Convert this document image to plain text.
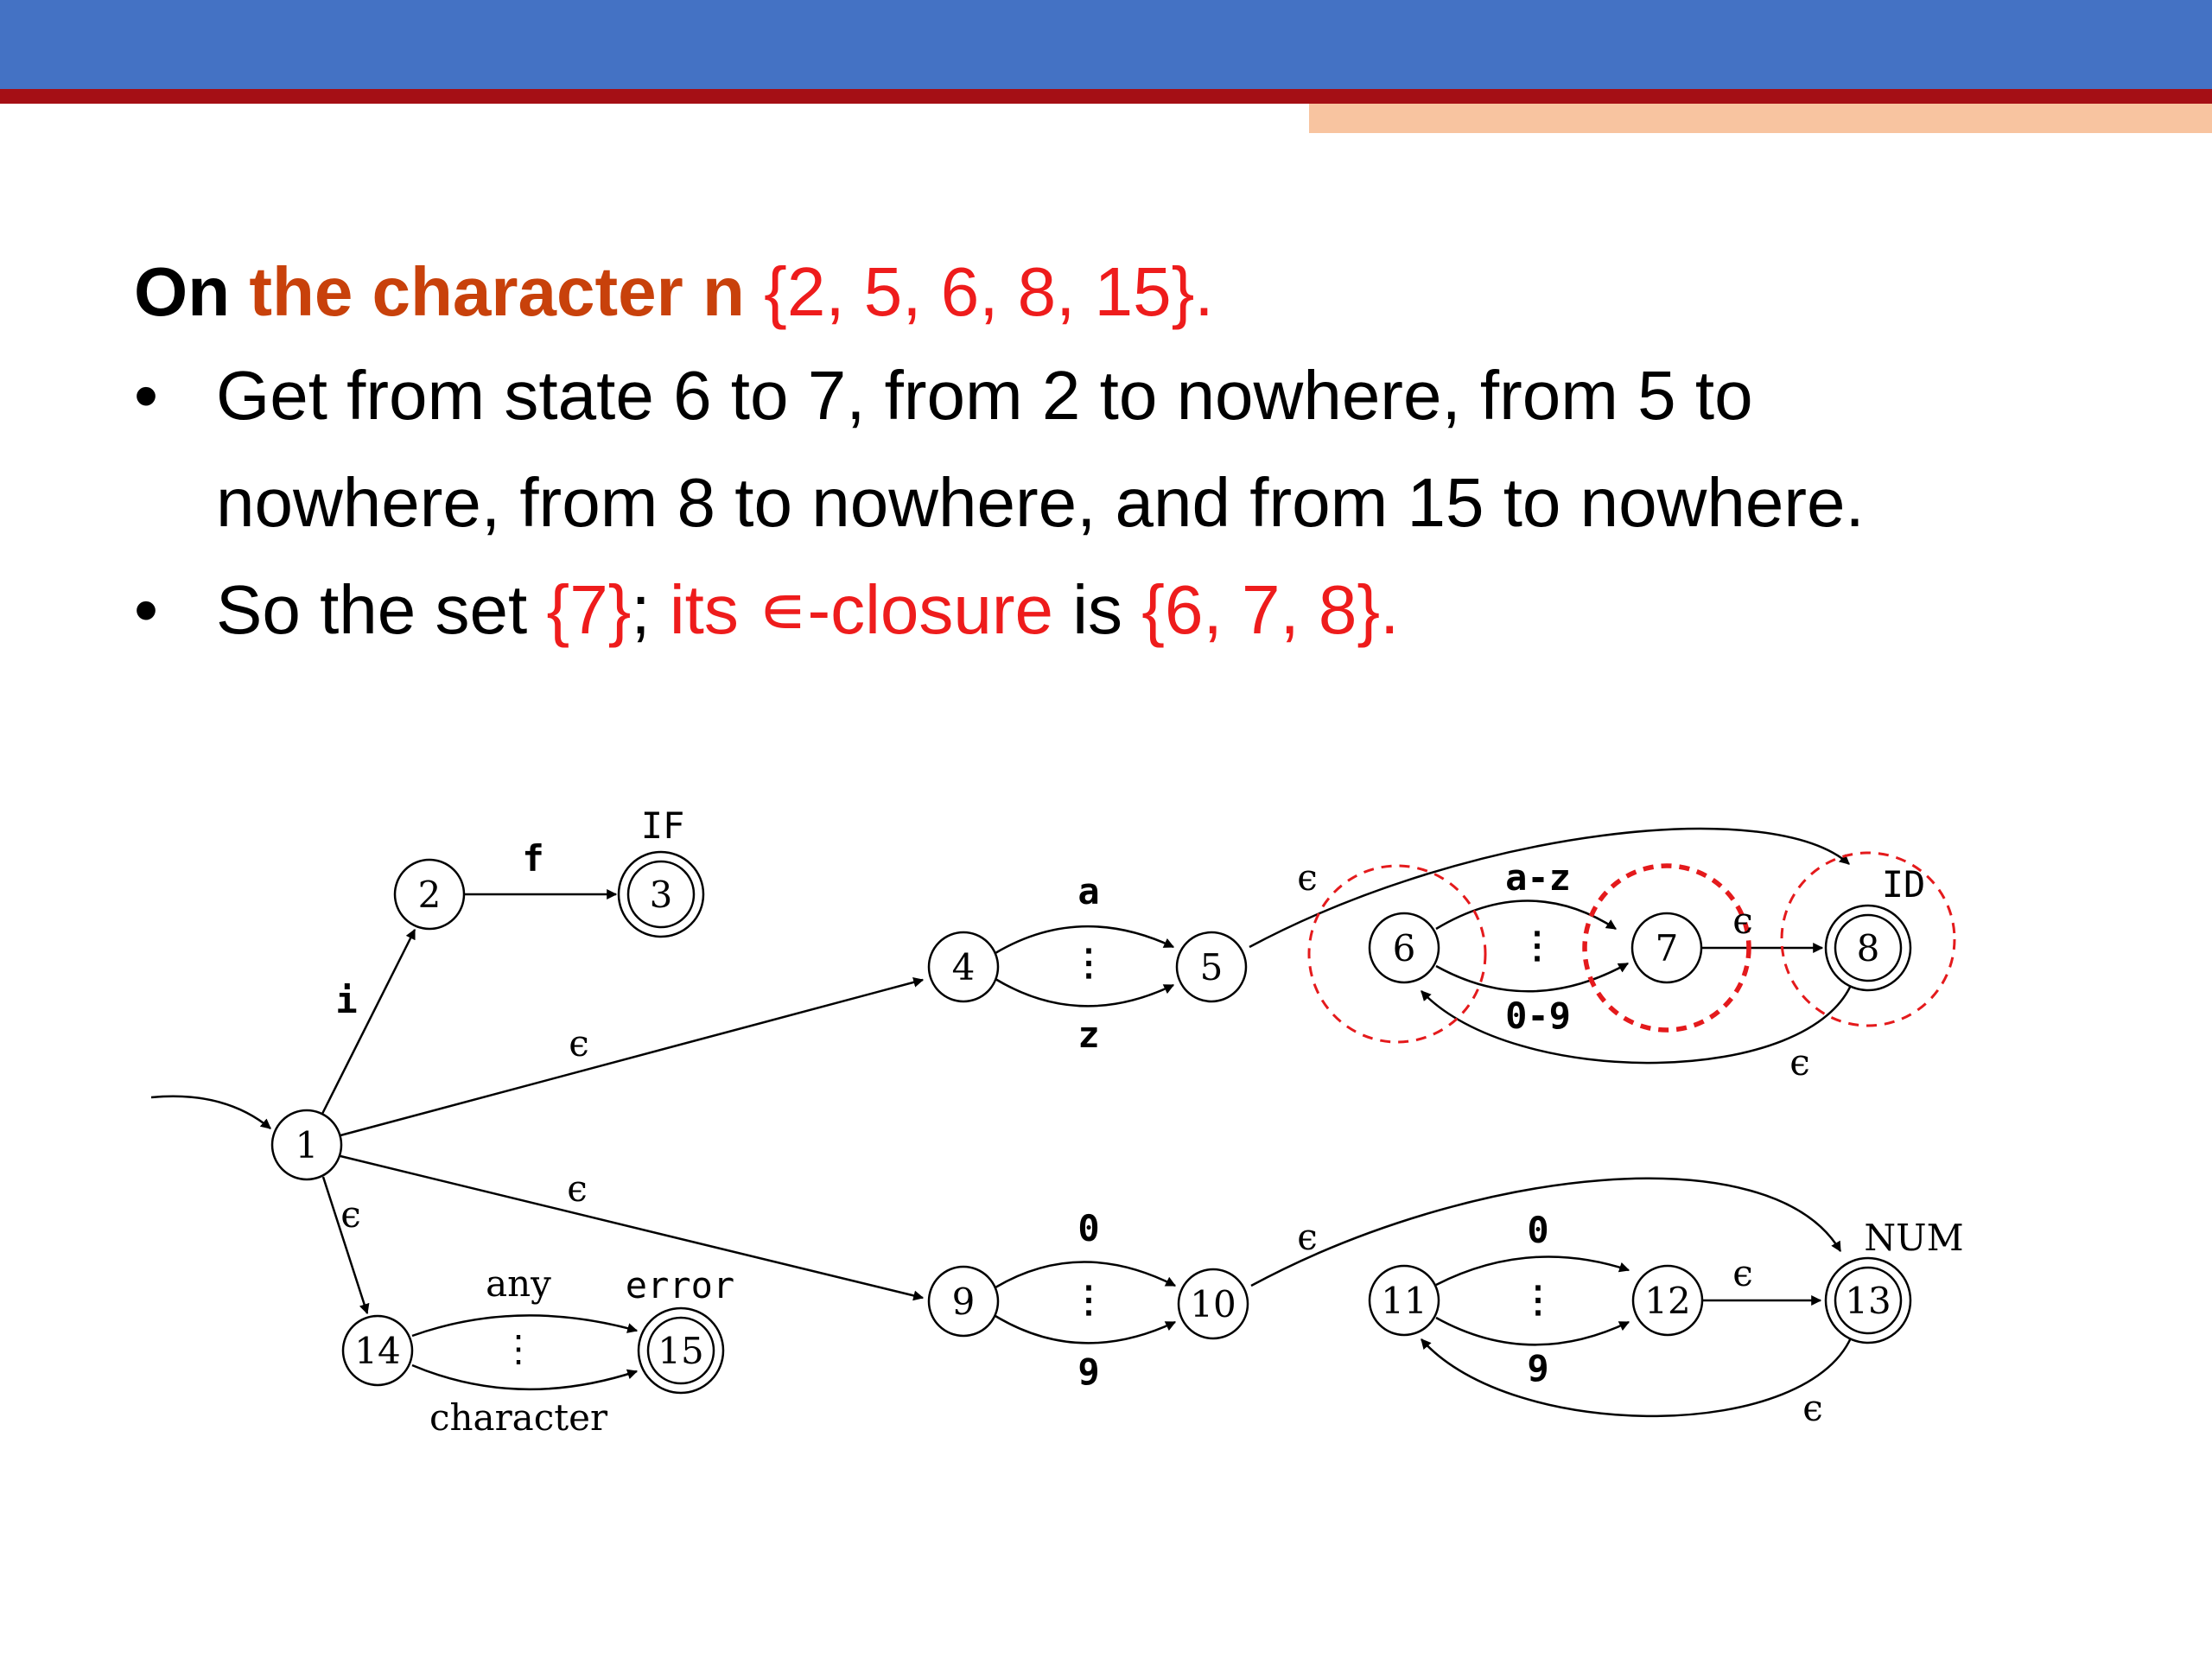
On the character n {2, 5, 6, 8, 15}.
• Get from state 6 to 7, from 2 to nowhere, from 5 to
nowhere, from 8 to nowhere, and from 15 to nowhere.
• So the set {7}; its ∊-closure is {6, 7, 8}.
1
2	3
4	5	6	7	8
9	10	11	12	13
14	15
IF
ID
NUM
error
i
f
ϵ
ϵ
ϵ
a
⋮
z
ϵ	a-z
⋮
0-9
ϵ
ϵ
0
⋮
9
ϵ	0
⋮
9
ϵ
ϵ
any
⋮
character
